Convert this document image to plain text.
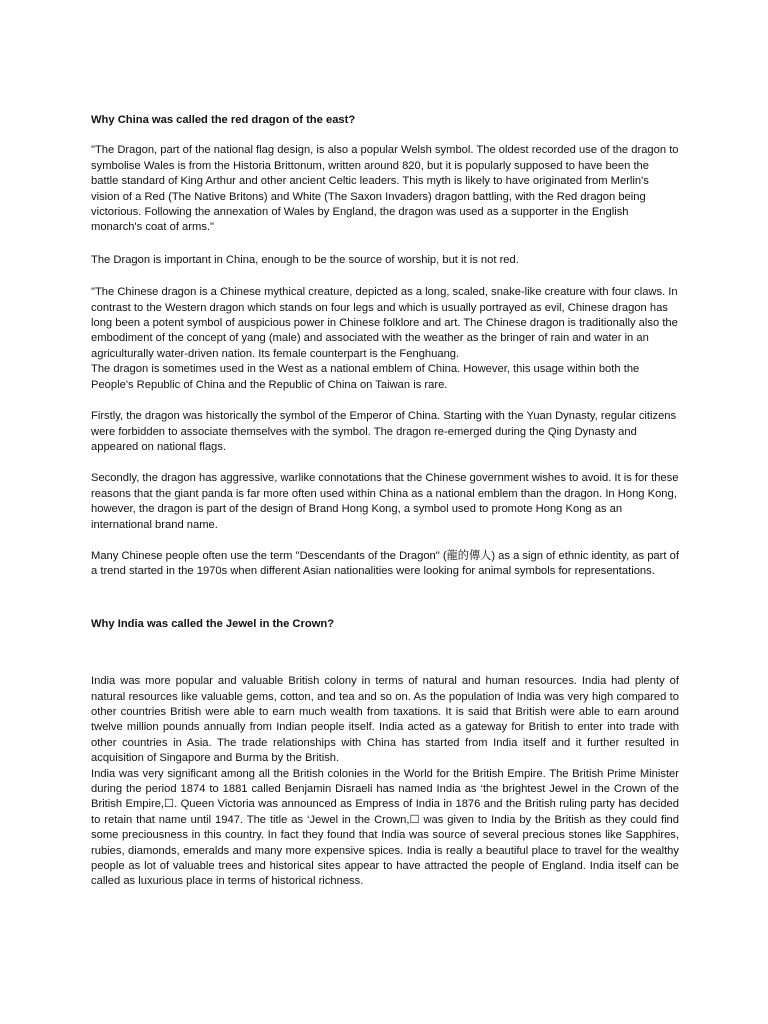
Why China was called the red dragon of the east?

"The Dragon, part of the national flag design, is also a popular Welsh symbol. The oldest recorded use of the dragon to symbolise Wales is from the Historia Brittonum, written around 820, but it is popularly supposed to have been the battle standard of King Arthur and other ancient Celtic leaders. This myth is likely to have originated from Merlin's vision of a Red (The Native Britons) and White (The Saxon Invaders) dragon battling, with the Red dragon being victorious. Following the annexation of Wales by England, the dragon was used as a supporter in the English monarch's coat of arms."

The Dragon is important in China, enough to be the source of worship, but it is not red.

"The Chinese dragon is a Chinese mythical creature, depicted as a long, scaled, snake-like creature with four claws. In contrast to the Western dragon which stands on four legs and which is usually portrayed as evil, Chinese dragon has long been a potent symbol of auspicious power in Chinese folklore and art. The Chinese dragon is traditionally also the embodiment of the concept of yang (male) and associated with the weather as the bringer of rain and water in an agriculturally water-driven nation. Its female counterpart is the Fenghuang.

The dragon is sometimes used in the West as a national emblem of China. However, this usage within both the People's Republic of China and the Republic of China on Taiwan is rare.

Firstly, the dragon was historically the symbol of the Emperor of China. Starting with the Yuan Dynasty, regular citizens were forbidden to associate themselves with the symbol. The dragon re-emerged during the Qing Dynasty and appeared on national flags.

Secondly, the dragon has aggressive, warlike connotations that the Chinese government wishes to avoid. It is for these reasons that the giant panda is far more often used within China as a national emblem than the dragon. In Hong Kong, however, the dragon is part of the design of Brand Hong Kong, a symbol used to promote Hong Kong as an international brand name.

Many Chinese people often use the term "Descendants of the Dragon" (龍的傳人) as a sign of ethnic identity, as part of a trend started in the 1970s when different Asian nationalities were looking for animal symbols for representations.

Why India was called the Jewel in the Crown?

India was more popular and valuable British colony in terms of natural and human resources. India had plenty of natural resources like valuable gems, cotton, and tea and so on. As the population of India was very high compared to other countries British were able to earn much wealth from taxations. It is said that British were able to earn around twelve million pounds annually from Indian people itself. India acted as a gateway for British to enter into trade with other countries in Asia. The trade relationships with China has started from India itself and it further resulted in acquisition of Singapore and Burma by the British.

India was very significant among all the British colonies in the World for the British Empire. The British Prime Minister during the period 1874 to 1881 called Benjamin Disraeli has named India as ‘the brightest Jewel in the Crown of the British Empire,☐. Queen Victoria was announced as Empress of India in 1876 and the British ruling party has decided to retain that name until 1947. The title as ‘Jewel in the Crown,☐ was given to India by the British as they could find some preciousness in this country. In fact they found that India was source of several precious stones like Sapphires, rubies, diamonds, emeralds and many more expensive spices. India is really a beautiful place to travel for the wealthy people as lot of valuable trees and historical sites appear to have attracted the people of England. India itself can be called as luxurious place in terms of historical richness.
